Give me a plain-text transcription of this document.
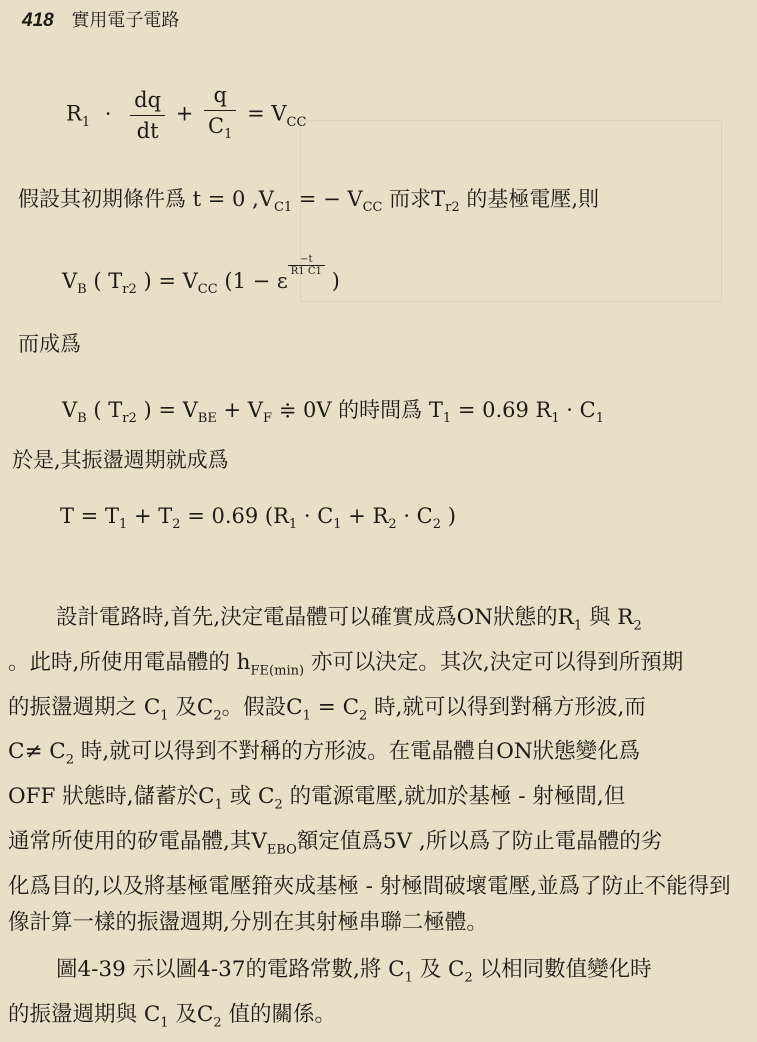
418 實用電子電路
$R_1 \cdot \frac{dq}{dt} + \frac{q}{C_1} = V_{CC}$
假設其初期條件爲 t = 0 $,V_{C1}$ = − $V_{CC}$ 而求$T_{r2}$ 的基極電壓,則
$V_B$ ( $T_{r2}$ ) = $V_{CC}$ (1 − ε
$\frac{-t}{R1 C1}$
)
而成爲
$V_B$ ( $T_{r2}$ ) = $V_{BE} + V_F$ ≑ 0V 的時間爲 $T_1 = 0.69$ $R_1 \cdot C_1$
於是,其振盪週期就成爲
$T = T_1 + T_2 = 0.69$ ($R_1 \cdot C_1 + R_2 \cdot C_2$ )
設計電路時,首先,決定電晶體可以確實成爲ON狀態的$R_1$ 與 $R_2$
。此時,所使用電晶體的 $h_{FE(min)}$ 亦可以決定。其次,決定可以得到所預期
的振盪週期之 $C_1$ 及$C_2$。假設$C_1 = C_2$ 時,就可以得到對稱方形波,而
$C\ne C_2$ 時,就可以得到不對稱的方形波。在電晶體自ON狀態變化爲
OFF 狀態時,儲蓄於$C_1$ 或 $C_2$ 的電源電壓,就加於基極 - 射極間,但
通常所使用的矽電晶體,其$V_{EBO}$額定值爲5V ,所以爲了防止電晶體的劣
化爲目的,以及將基極電壓箝夾成基極 - 射極間破壞電壓,並爲了防止不能得到
像計算一樣的振盪週期,分別在其射極串聯二極體。
圖4-39 示以圖4-37的電路常數,將 $C_1$ 及 $C_2$ 以相同數值變化時
的振盪週期與 $C_1$ 及$C_2$ 值的關係。
